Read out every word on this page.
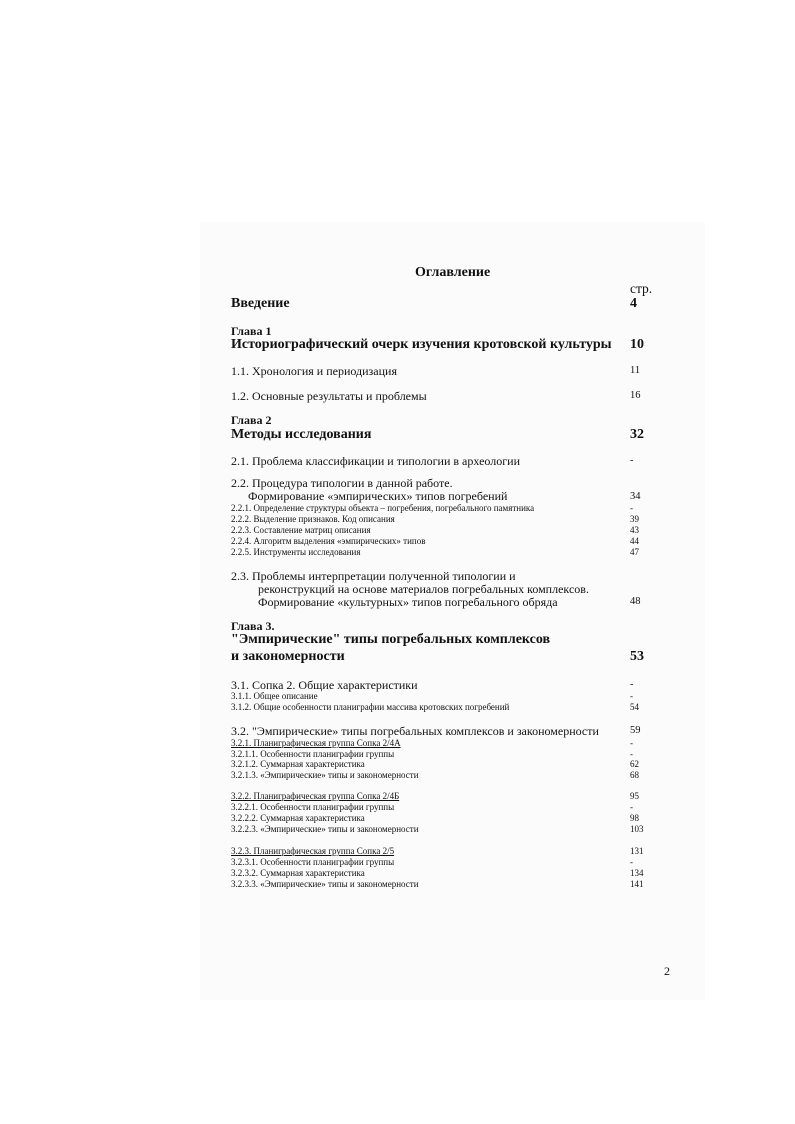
Оглавление
стр.
Введение	4
Глава 1
Историографический очерк изучения кротовской культуры 10
1.1. Хронология и периодизация	11
1.2. Основные результаты и проблемы	16
Глава 2
Методы исследования	32
2.1. Проблема классификации и типологии в археологии	-
2.2. Процедура типологии в данной работе.
Формирование «эмпирических» типов погребений	34
2.2.1. Определение структуры объекта – погребения, погребального памятника	-
2.2.2. Выделение признаков. Код описания	39
2.2.3. Составление матриц описания	43
2.2.4. Алгоритм выделения «эмпирических» типов	44
2.2.5. Инструменты исследования	47
2.3. Проблемы интерпретации полученной типологии и
реконструкций на основе материалов погребальных комплексов.
Формирование «культурных» типов погребального обряда	48
Глава 3.
"Эмпирические" типы погребальных комплексов
и закономерности	53
3.1. Сопка 2. Общие характеристики	-
3.1.1. Общее описание	-
3.1.2. Общие особенности планиграфии массива кротовских погребений	54
3.2. "Эмпирические» типы погребальных комплексов и закономерности	59
3.2.1. Планиграфическая группа Сопка 2/4А	-
3.2.1.1. Особенности планиграфии группы	-
3.2.1.2. Суммарная характеристика	62
3.2.1.3. «Эмпирические» типы и закономерности	68
3.2.2. Планиграфическая группа Сопка 2/4Б	95
3.2.2.1. Особенности планиграфии группы	-
3.2.2.2. Суммарная характеристика	98
3.2.2.3. «Эмпирические» типы и закономерности	103
3.2.3. Планиграфическая группа Сопка 2/5	131
3.2.3.1. Особенности планиграфии группы	-
3.2.3.2. Суммарная характеристика	134
3.2.3.3. «Эмпирические» типы и закономерности	141
2
